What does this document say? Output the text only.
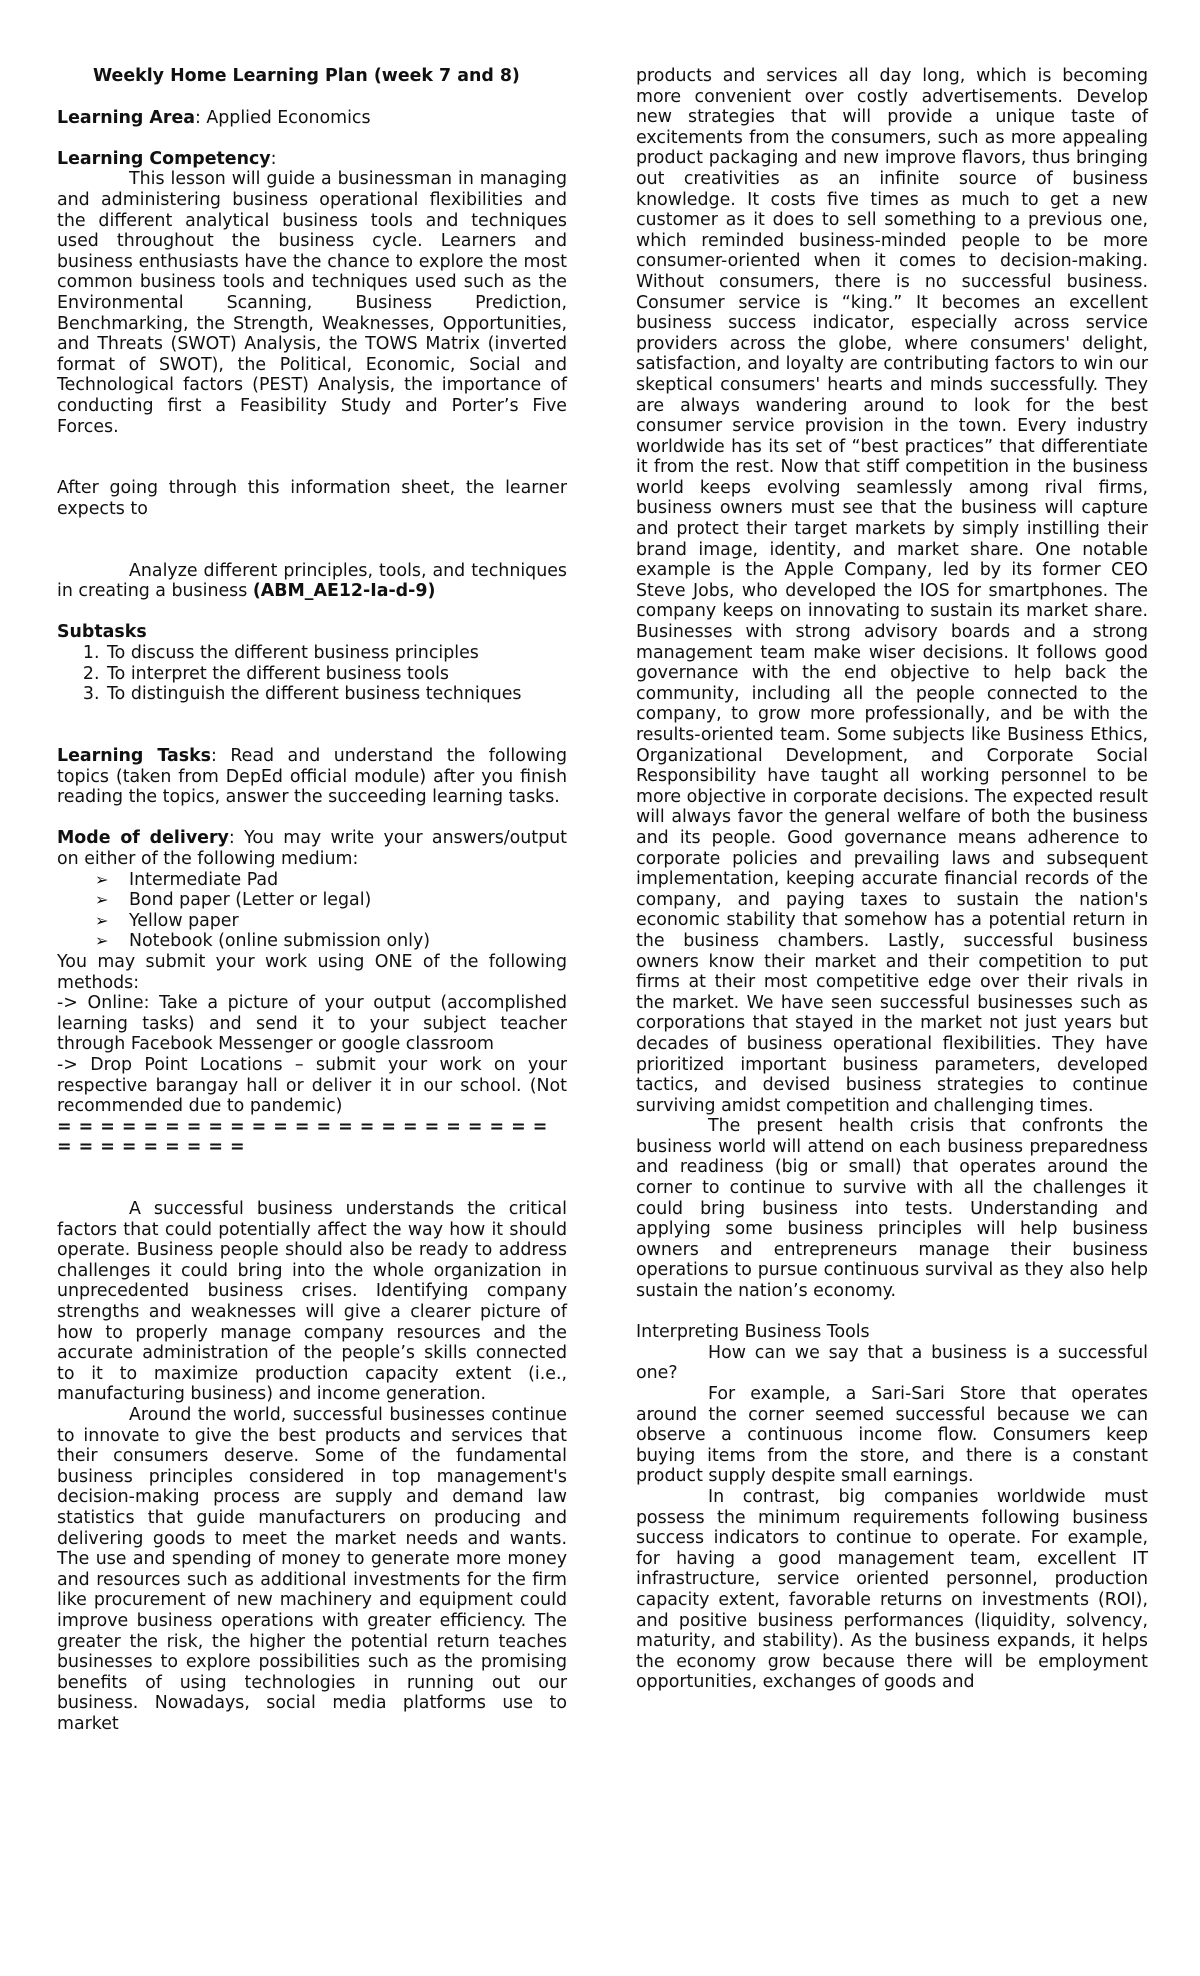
Weekly Home Learning Plan (week 7 and 8)

Learning Area: Applied Economics

Learning Competency:

This lesson will guide a businessman in managing and administering business operational flexibilities and the different analytical business tools and techniques used throughout the business cycle. Learners and business enthusiasts have the chance to explore the most common business tools and techniques used such as the Environmental Scanning, Business Prediction, Benchmarking, the Strength, Weaknesses, Opportunities, and Threats (SWOT) Analysis, the TOWS Matrix (inverted format of SWOT), the Political, Economic, Social and Technological factors (PEST) Analysis, the importance of conducting first a Feasibility Study and Porter’s Five Forces.

After going through this information sheet, the learner expects to

Analyze different principles, tools, and techniques in creating a business (ABM_AE12-Ia-d-9)

Subtasks

1. To discuss the different business principles
2. To interpret the different business tools
3. To distinguish the different business techniques

Learning Tasks: Read and understand the following topics (taken from DepEd official module) after you finish reading the topics, answer the succeeding learning tasks.

Mode of delivery: You may write your answers/output on either of the following medium:

➢	Intermediate Pad
➢	Bond paper (Letter or legal)
➢	Yellow paper
➢	Notebook (online submission only)

You may submit your work using ONE of the following methods:

-> Online: Take a picture of your output (accomplished learning tasks) and send it to your subject teacher through Facebook Messenger or google classroom

-> Drop Point Locations – submit your work on your respective barangay hall or deliver it in our school. (Not recommended due to pandemic)

= = = = = = = = = = = = = = = = = = = = = = = = = = = = = = = =

A successful business understands the critical factors that could potentially affect the way how it should operate. Business people should also be ready to address challenges it could bring into the whole organization in unprecedented business crises. Identifying company strengths and weaknesses will give a clearer picture of how to properly manage company resources and the accurate administration of the people’s skills connected to it to maximize production capacity extent (i.e., manufacturing business) and income generation.

Around the world, successful businesses continue to innovate to give the best products and services that their consumers deserve. Some of the fundamental business principles considered in top management's decision-making process are supply and demand law statistics that guide manufacturers on producing and delivering goods to meet the market needs and wants. The use and spending of money to generate more money and resources such as additional investments for the firm like procurement of new machinery and equipment could improve business operations with greater efficiency. The greater the risk, the higher the potential return teaches businesses to explore possibilities such as the promising benefits of using technologies in running out our business. Nowadays, social media platforms use to market

products and services all day long, which is becoming more convenient over costly advertisements. Develop new strategies that will provide a unique taste of excitements from the consumers, such as more appealing product packaging and new improve flavors, thus bringing out creativities as an infinite source of business knowledge. It costs five times as much to get a new customer as it does to sell something to a previous one, which reminded business-minded people to be more consumer-oriented when it comes to decision-making. Without consumers, there is no successful business. Consumer service is “king.” It becomes an excellent business success indicator, especially across service providers across the globe, where consumers' delight, satisfaction, and loyalty are contributing factors to win our skeptical consumers' hearts and minds successfully. They are always wandering around to look for the best consumer service provision in the town. Every industry worldwide has its set of “best practices” that differentiate it from the rest. Now that stiff competition in the business world keeps evolving seamlessly among rival firms, business owners must see that the business will capture and protect their target markets by simply instilling their brand image, identity, and market share. One notable example is the Apple Company, led by its former CEO Steve Jobs, who developed the IOS for smartphones. The company keeps on innovating to sustain its market share. Businesses with strong advisory boards and a strong management team make wiser decisions. It follows good governance with the end objective to help back the community, including all the people connected to the company, to grow more professionally, and be with the results-oriented team. Some subjects like Business Ethics, Organizational Development, and Corporate Social Responsibility have taught all working personnel to be more objective in corporate decisions. The expected result will always favor the general welfare of both the business and its people. Good governance means adherence to corporate policies and prevailing laws and subsequent implementation, keeping accurate financial records of the company, and paying taxes to sustain the nation's economic stability that somehow has a potential return in the business chambers. Lastly, successful business owners know their market and their competition to put firms at their most competitive edge over their rivals in the market. We have seen successful businesses such as corporations that stayed in the market not just years but decades of business operational flexibilities. They have prioritized important business parameters, developed tactics, and devised business strategies to continue surviving amidst competition and challenging times.

The present health crisis that confronts the business world will attend on each business preparedness and readiness (big or small) that operates around the corner to continue to survive with all the challenges it could bring business into tests. Understanding and applying some business principles will help business owners and entrepreneurs manage their business operations to pursue continuous survival as they also help sustain the nation’s economy.

Interpreting Business Tools

How can we say that a business is a successful one?

For example, a Sari-Sari Store that operates around the corner seemed successful because we can observe a continuous income flow. Consumers keep buying items from the store, and there is a constant product supply despite small earnings.

In contrast, big companies worldwide must possess the minimum requirements following business success indicators to continue to operate. For example, for having a good management team, excellent IT infrastructure, service oriented personnel, production capacity extent, favorable returns on investments (ROI), and positive business performances (liquidity, solvency, maturity, and stability). As the business expands, it helps the economy grow because there will be employment opportunities, exchanges of goods and
